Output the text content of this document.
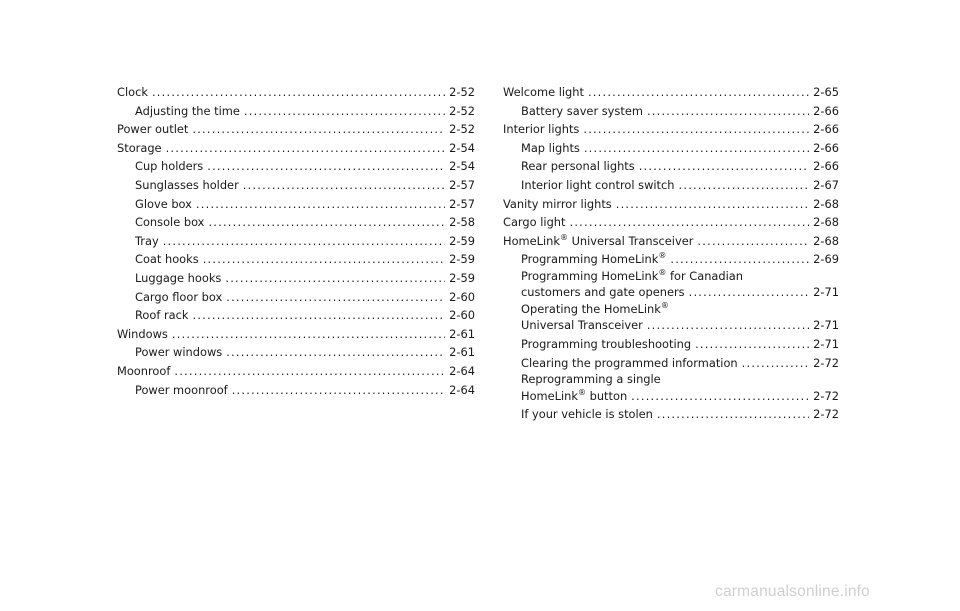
Clock . . .	2-52
Adjusting the time . . .	2-52
Power outlet . . .	2-52
Storage . . .	2-54
Cup holders . . .	2-54
Sunglasses holder . . .	2-57
Glove box . . .	2-57
Console box . . .	2-58
Tray . . .	2-59
Coat hooks . . .	2-59
Luggage hooks . . .	2-59
Cargo floor box . . .	2-60
Roof rack . . .	2-60
Windows . . .	2-61
Power windows . . .	2-61
Moonroof . . .	2-64
Power moonroof . . .	2-64
Welcome light . . .	2-65
Battery saver system . . .	2-66
Interior lights . . .	2-66
Map lights . . .	2-66
Rear personal lights . . .	2-66
Interior light control switch . . .	2-67
Vanity mirror lights . . .	2-68
Cargo light . . .	2-68
HomeLink® Universal Transceiver . . .	2-68
Programming HomeLink® . . .	2-69
Programming HomeLink® for Canadian
customers and gate openers . . .	2-71
Operating the HomeLink®
Universal Transceiver . . .	2-71
Programming troubleshooting . . .	2-71
Clearing the programmed information . . .	2-72
Reprogramming a single
HomeLink® button . . .	2-72
If your vehicle is stolen . . .	2-72
carmanualsonline.info
